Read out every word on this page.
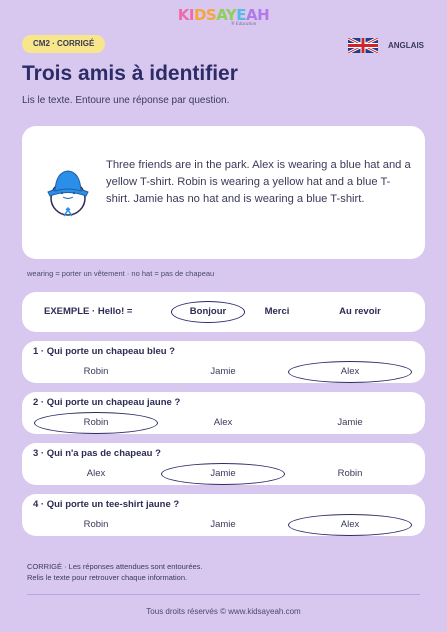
KIDSAYEAH
® Education
CM2 · CORRIGÉ	ANGLAIS
Trois amis à identifier
Lis le texte. Entoure une réponse par question.
Three friends are in the park. Alex is wearing a blue hat and a yellow T-shirt. Robin is wearing a yellow hat and a blue T-shirt. Jamie has no hat and is wearing a blue T-shirt.
wearing = porter un vêtement · no hat = pas de chapeau
EXEMPLE · Hello! =	Bonjour	Merci	Au revoir
1 · Qui porte un chapeau bleu ?
Robin	Jamie	Alex
2 · Qui porte un chapeau jaune ?
Robin	Alex	Jamie
3 · Qui n'a pas de chapeau ?
Alex	Jamie	Robin
4 · Qui porte un tee-shirt jaune ?
Robin	Jamie	Alex
CORRIGÉ · Les réponses attendues sont entourées.
Relis le texte pour retrouver chaque information.
Tous droits réservés © www.kidsayeah.com
